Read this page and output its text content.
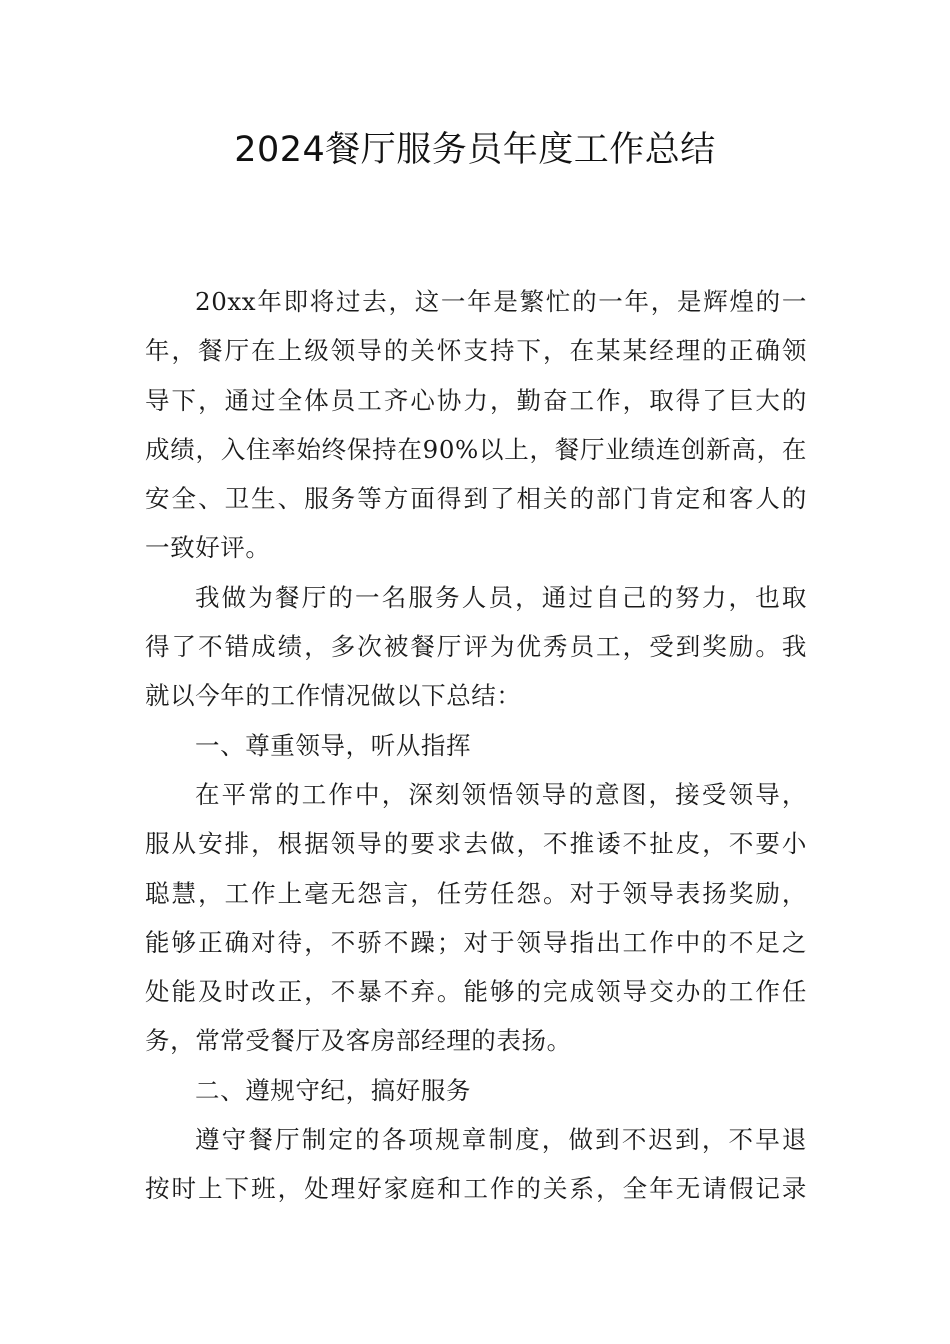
2024餐厅服务员年度工作总结

20xx年即将过去，这一年是繁忙的一年，是辉煌的一

年，餐厅在上级领导的关怀支持下，在某某经理的正确领

导下，通过全体员工齐心协力，勤奋工作，取得了巨大的

成绩，入住率始终保持在90%以上，餐厅业绩连创新高，在

安全、卫生、服务等方面得到了相关的部门肯定和客人的

一致好评。

我做为餐厅的一名服务人员，通过自己的努力，也取

得了不错成绩，多次被餐厅评为优秀员工，受到奖励。我

就以今年的工作情况做以下总结：

一、尊重领导，听从指挥

在平常的工作中，深刻领悟领导的意图，接受领导，

服从安排，根据领导的要求去做，不推诿不扯皮，不要小

聪慧，工作上毫无怨言，任劳任怨。对于领导表扬奖励，

能够正确对待，不骄不躁；对于领导指出工作中的不足之

处能及时改正，不暴不弃。能够的完成领导交办的工作任

务，常常受餐厅及客房部经理的表扬。

二、遵规守纪，搞好服务

遵守餐厅制定的各项规章制度，做到不迟到，不早退

按时上下班，处理好家庭和工作的关系，全年无请假记录
